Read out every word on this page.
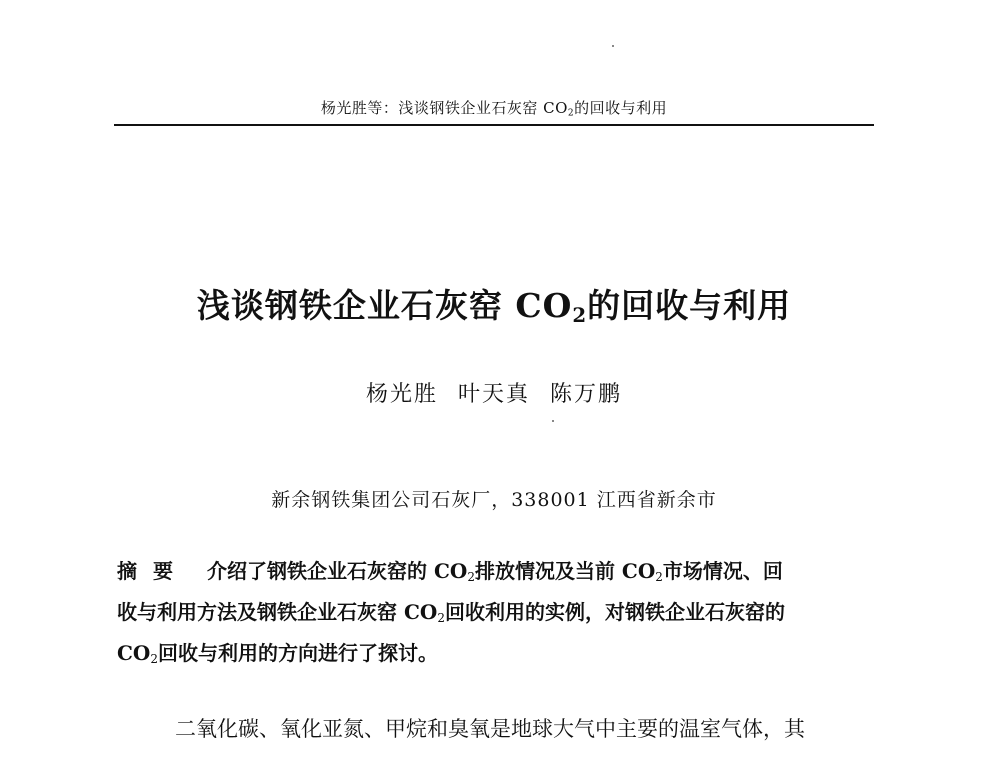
杨光胜等：浅谈钢铁企业石灰窑 $CO_2$的回收与利用
浅谈钢铁企业石灰窑 $CO_2$的回收与利用
杨光胜 叶天真 陈万鹏
新余钢铁集团公司石灰厂，338001 江西省新余市
摘要 介绍了钢铁企业石灰窑的 $CO_2$排放情况及当前 $CO_2$市场情况、回
收与利用方法及钢铁企业石灰窑 $CO_2$回收利用的实例，对钢铁企业石灰窑的
$CO_2$回收与利用的方向进行了探讨。
二氧化碳、氧化亚氮、甲烷和臭氧是地球大气中主要的温室气体，其
